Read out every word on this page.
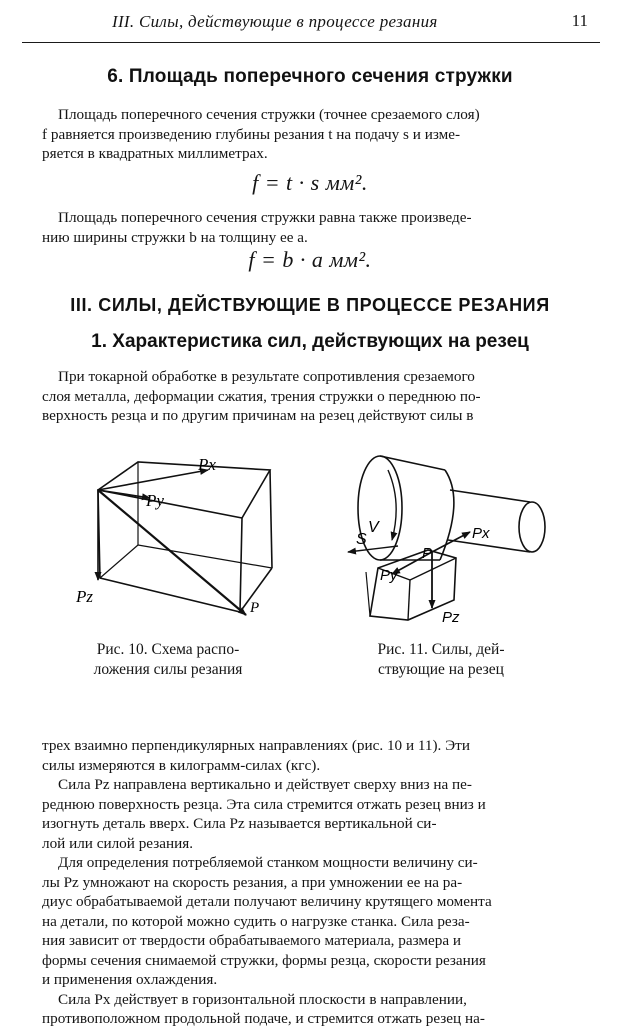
III. Силы, действующие в процессе резания	11
6. Площадь поперечного сечения стружки

Площадь поперечного сечения стружки (точнее срезаемого слоя)
f равняется произведению глубины резания t на подачу s и изме-
ряется в квадратных миллиметрах.

f = t · s мм².

Площадь поперечного сечения стружки равна также произведе-
нию ширины стружки b на толщину ее a.

f = b · a мм².
III. СИЛЫ, ДЕЙСТВУЮЩИЕ В ПРОЦЕССЕ РЕЗАНИЯ
1. Характеристика сил, действующих на резец

При токарной обработке в результате сопротивления срезаемого
слоя металла, деформации сжатия, трения стружки о переднюю по-
верхность резца и по другим причинам на резец действуют силы в

Px
Py
Pz
P
Рис. 10. Схема распо-
ложения силы резания
V
S	Px
Py
Pz
P
Рис. 11. Силы, дей-
ствующие на резец
трех взаимно перпендикулярных направлениях (рис. 10 и 11). Эти
силы измеряются в килограмм-силах (кгс).
Сила Pz направлена вертикально и действует сверху вниз на пе-
реднюю поверхность резца. Эта сила стремится отжать резец вниз и
изогнуть деталь вверх. Сила Pz называется вертикальной си-
лой или силой резания.
Для определения потребляемой станком мощности величину си-
лы Pz умножают на скорость резания, а при умножении ее на ра-
диус обрабатываемой детали получают величину крутящего момента
на детали, по которой можно судить о нагрузке станка. Сила реза-
ния зависит от твердости обрабатываемого материала, размера и
формы сечения снимаемой стружки, формы резца, скорости резания
и применения охлаждения.
Сила Px действует в горизонтальной плоскости в направлении,
противоположном продольной подаче, и стремится отжать резец на-
